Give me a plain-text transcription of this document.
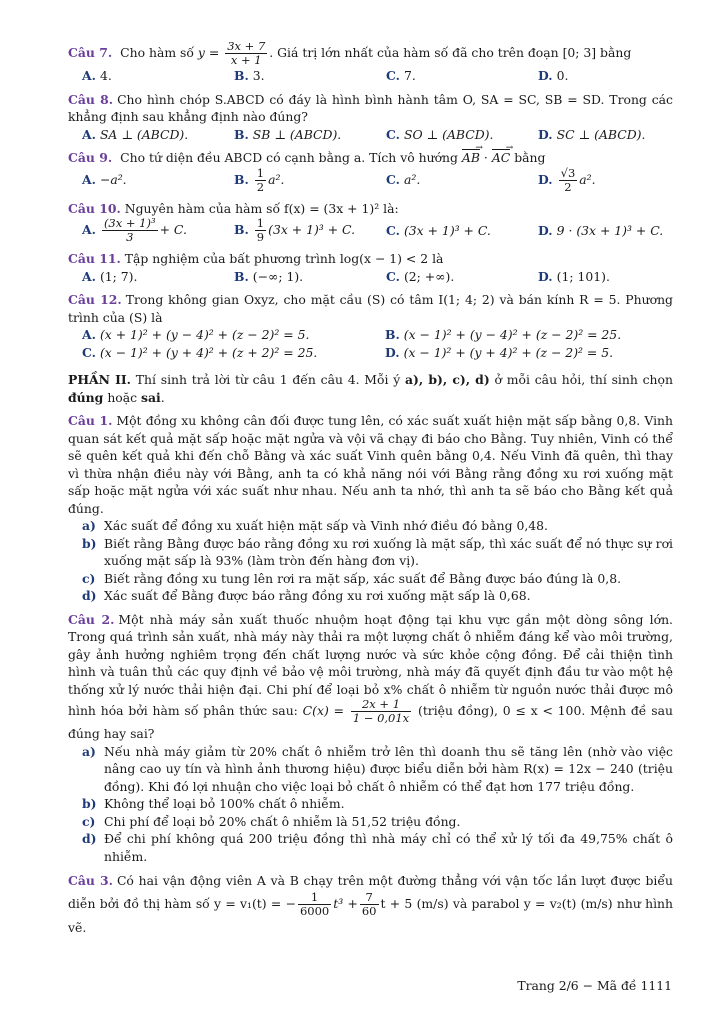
Câu 7. Cho hàm số $y = \frac{3x + 7}{x + 1}$ . Giá trị lớn nhất của hàm số đã cho trên đoạn [0; 3] bằng
A. 4.	B. 3.	C. 7.	D. 0.
Câu 8. Cho hình chóp S.ABCD có đáy là hình bình hành tâm O, SA = SC, SB = SD. Trong các khẳng định sau khẳng định nào đúng?
A. SA ⊥ (ABCD).	B. SB ⊥ (ABCD).	C. SO ⊥ (ABCD).	D. SC ⊥ (ABCD).
Câu 9. Cho tứ diện đều ABCD có cạnh bằng a. Tích vô hướng AB → · AC → bằng
A. −a².	B. $\frac{1}{2} a^2$.	C. a².	D. $\frac{√3}{2} a^2$.
Câu 10. Nguyên hàm của hàm số f(x) = (3x + 1)² là:
A. $\frac{\text{(3x + 1)³}}{3} + C$.	B. $\frac{1}{9} (3x + 1)^3 + C$.	C. (3x + 1)³ + C.	D. 9 · (3x + 1)³ + C.
Câu 11. Tập nghiệm của bất phương trình log(x − 1) < 2 là
A. (1; 7).	B. (−∞; 1).	C. (2; +∞).	D. (1; 101).
Câu 12. Trong không gian Oxyz, cho mặt cầu (S) có tâm I(1; 4; 2) và bán kính R = 5. Phương trình của (S) là
A. (x + 1)² + (y − 4)² + (z − 2)² = 5.	B. (x − 1)² + (y − 4)² + (z − 2)² = 25.
C. (x − 1)² + (y + 4)² + (z + 2)² = 25.	D. (x − 1)² + (y + 4)² + (z − 2)² = 5.
PHẦN II. Thí sinh trả lời từ câu 1 đến câu 4. Mỗi ý a), b), c), d) ở mỗi câu hỏi, thí sinh chọn đúng hoặc sai.
Câu 1. Một đồng xu không cân đối được tung lên, có xác suất xuất hiện mặt sấp bằng 0,8. Vinh quan sát kết quả mặt sấp hoặc mặt ngửa và vội vã chạy đi báo cho Bằng. Tuy nhiên, Vinh có thể sẽ quên kết quả khi đến chỗ Bằng và xác suất Vinh quên bằng 0,4. Nếu Vinh đã quên, thì thay vì thừa nhận điều này với Bằng, anh ta có khả năng nói với Bằng rằng đồng xu rơi xuống mặt sấp hoặc mặt ngửa với xác suất như nhau. Nếu anh ta nhớ, thì anh ta sẽ báo cho Bằng kết quả đúng.
a) Xác suất để đồng xu xuất hiện mặt sấp và Vinh nhớ điều đó bằng 0,48.
b) Biết rằng Bằng được báo rằng đồng xu rơi xuống là mặt sấp, thì xác suất để nó thực sự rơi xuống mặt sấp là 93% (làm tròn đến hàng đơn vị).
c) Biết rằng đồng xu tung lên rơi ra mặt sấp, xác suất để Bằng được báo đúng là 0,8.
d) Xác suất để Bằng được báo rằng đồng xu rơi xuống mặt sấp là 0,68.
Câu 2. Một nhà máy sản xuất thuốc nhuộm hoạt động tại khu vực gần một dòng sông lớn. Trong quá trình sản xuất, nhà máy này thải ra một lượng chất ô nhiễm đáng kể vào môi trường, gây ảnh hưởng nghiêm trọng đến chất lượng nước và sức khỏe cộng đồng. Để cải thiện tình hình và tuân thủ các quy định về bảo vệ môi trường, nhà máy đã quyết định đầu tư vào một hệ thống xử lý nước thải hiện đại. Chi phí để loại bỏ x% chất ô nhiễm từ nguồn nước thải được mô hình hóa bởi hàm số phân thức sau: $C(x) = \frac{2x + 1}{1 - 0,01x}$ (triệu đồng), 0 ≤ x < 100. Mệnh đề sau đúng hay sai?
a) Nếu nhà máy giảm từ 20% chất ô nhiễm trở lên thì doanh thu sẽ tăng lên (nhờ vào việc nâng cao uy tín và hình ảnh thương hiệu) được biểu diễn bởi hàm R(x) = 12x − 240 (triệu đồng). Khi đó lợi nhuận cho việc loại bỏ chất ô nhiễm có thể đạt hơn 177 triệu đồng.
b) Không thể loại bỏ 100% chất ô nhiễm.
c) Chi phí để loại bỏ 20% chất ô nhiễm là 51,52 triệu đồng.
d) Để chi phí không quá 200 triệu đồng thì nhà máy chỉ có thể xử lý tối đa 49,75% chất ô nhiễm.
Câu 3. Có hai vận động viên A và B chạy trên một đường thẳng với vận tốc lần lượt được biểu diễn bởi đồ thị hàm số y = v₁(t) = − $\frac{1}{6000} t^3 + \frac{7}{60}$ t + 5 (m/s) và parabol y = v₂(t) (m/s) như hình vẽ.
Trang 2/6 − Mã đề 1111
